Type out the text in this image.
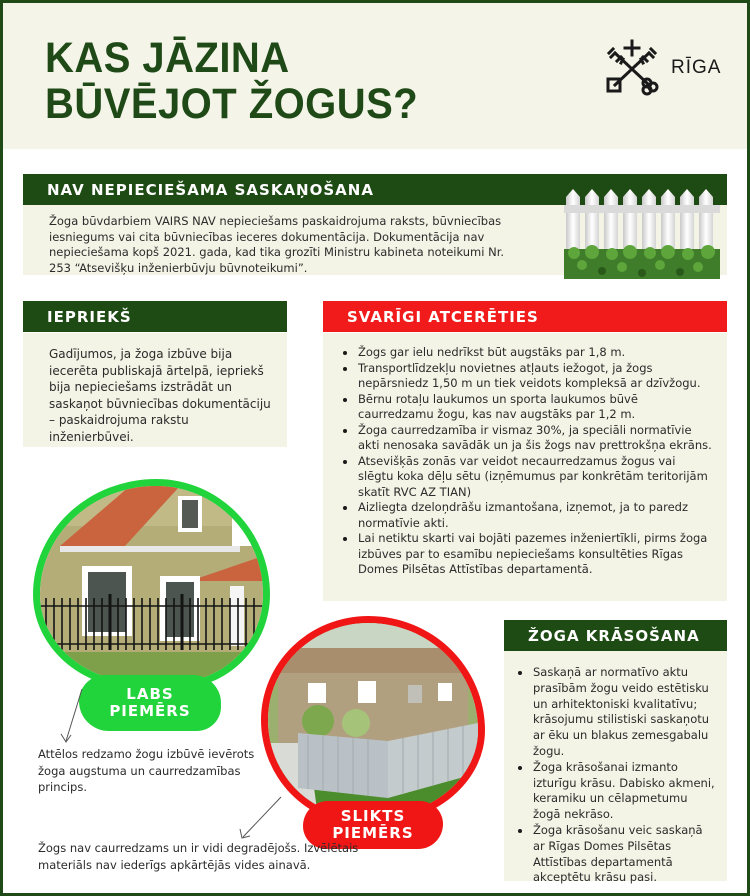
KAS JĀZINA
BŪVĒJOT ŽOGUS?
RĪGA
NAV NEPIECIEŠAMA SASKAŅOŠANA

Žoga būvdarbiem VAIRS NAV nepieciešams paskaidrojuma raksts, būvniecības iesniegums vai cita būvniecības ieceres dokumentācija. Dokumentācija nav nepieciešama kopš 2021. gada, kad tika grozīti Ministru kabineta noteikumi Nr. 253 “Atsevišķu inženierbūvju būvnoteikumi”.

IEPRIEKŠ

Gadījumos, ja žoga izbūve bija iecerēta publiskajā ārtelpā, iepriekš bija nepieciešams izstrādāt un saskaņot būvniecības dokumentāciju – paskaidrojuma rakstu inženierbūvei.

SVARĪGI ATCERĒTIES
Žogs gar ielu nedrīkst būt augstāks par 1,8 m.
Transportlīdzekļu novietnes atļauts iežogot, ja žogs nepārsniedz 1,50 m un tiek veidots kompleksā ar dzīvžogu.
Bērnu rotaļu laukumos un sporta laukumos būvē caurredzamu žogu, kas nav augstāks par 1,2 m.
Žoga caurredzamība ir vismaz 30%, ja speciāli normatīvie akti nenosaka savādāk un ja šis žogs nav prettrokšņa ekrāns.
Atsevišķās zonās var veidot necaurredzamus žogus vai slēgtu koka dēļu sētu (izņēmumus par konkrētām teritorijām skatīt RVC AZ TIAN)
Aizliegta dzeloņdrāšu izmantošana, izņemot, ja to paredz normatīvie akti.
Lai netiktu skarti vai bojāti pazemes inženiertīkli, pirms žoga izbūves par to esamību nepieciešams konsultēties Rīgas Domes Pilsētas Attīstības departamentā.
ŽOGA KRĀSOŠANA
Saskaņā ar normatīvo aktu prasībām žogu veido estētisku un arhitektoniski kvalitatīvu; krāsojumu stilistiski saskaņotu ar ēku un blakus zemesgabalu žogu.
Žoga krāsošanai izmanto izturīgu krāsu. Dabisko akmeni, keramiku un cēlapmetumu žogā nekrāso.
Žoga krāsošanu veic saskaņā ar Rīgas Domes Pilsētas Attīstības departamentā akceptētu krāsu pasi.
LABS
PIEMĒRS

Attēlos redzamo žogu izbūvē ievērots žoga augstuma un caurredzamības princips.

SLIKTS
PIEMĒRS

Žogs nav caurredzams un ir vidi degradējošs. Izvēlētais materiāls nav iederīgs apkārtējās vides ainavā.
